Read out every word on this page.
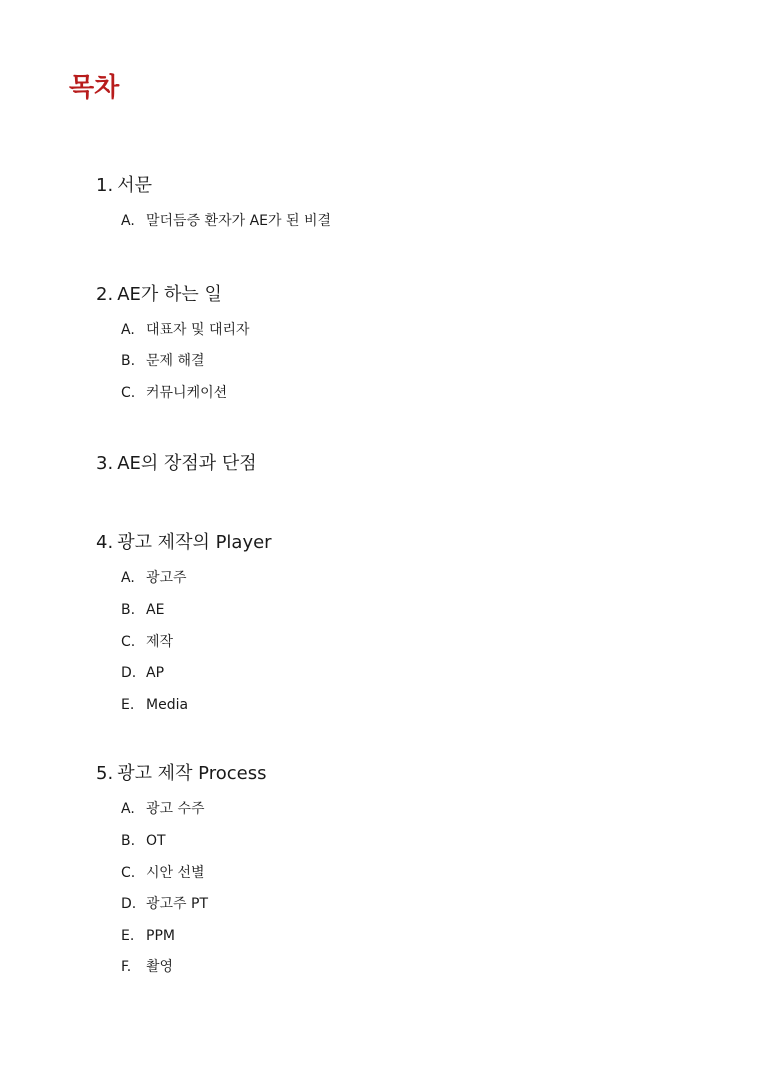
목차
1. 서문
A. 말더듬증 환자가 AE가 된 비결
2. AE가 하는 일
A. 대표자 및 대리자
B. 문제 해결
C. 커뮤니케이션
3. AE의 장점과 단점
4. 광고 제작의 Player
A. 광고주
B. AE
C. 제작
D. AP
E. Media
5. 광고 제작 Process
A. 광고 수주
B. OT
C. 시안 선별
D. 광고주 PT
E. PPM
F. 촬영
